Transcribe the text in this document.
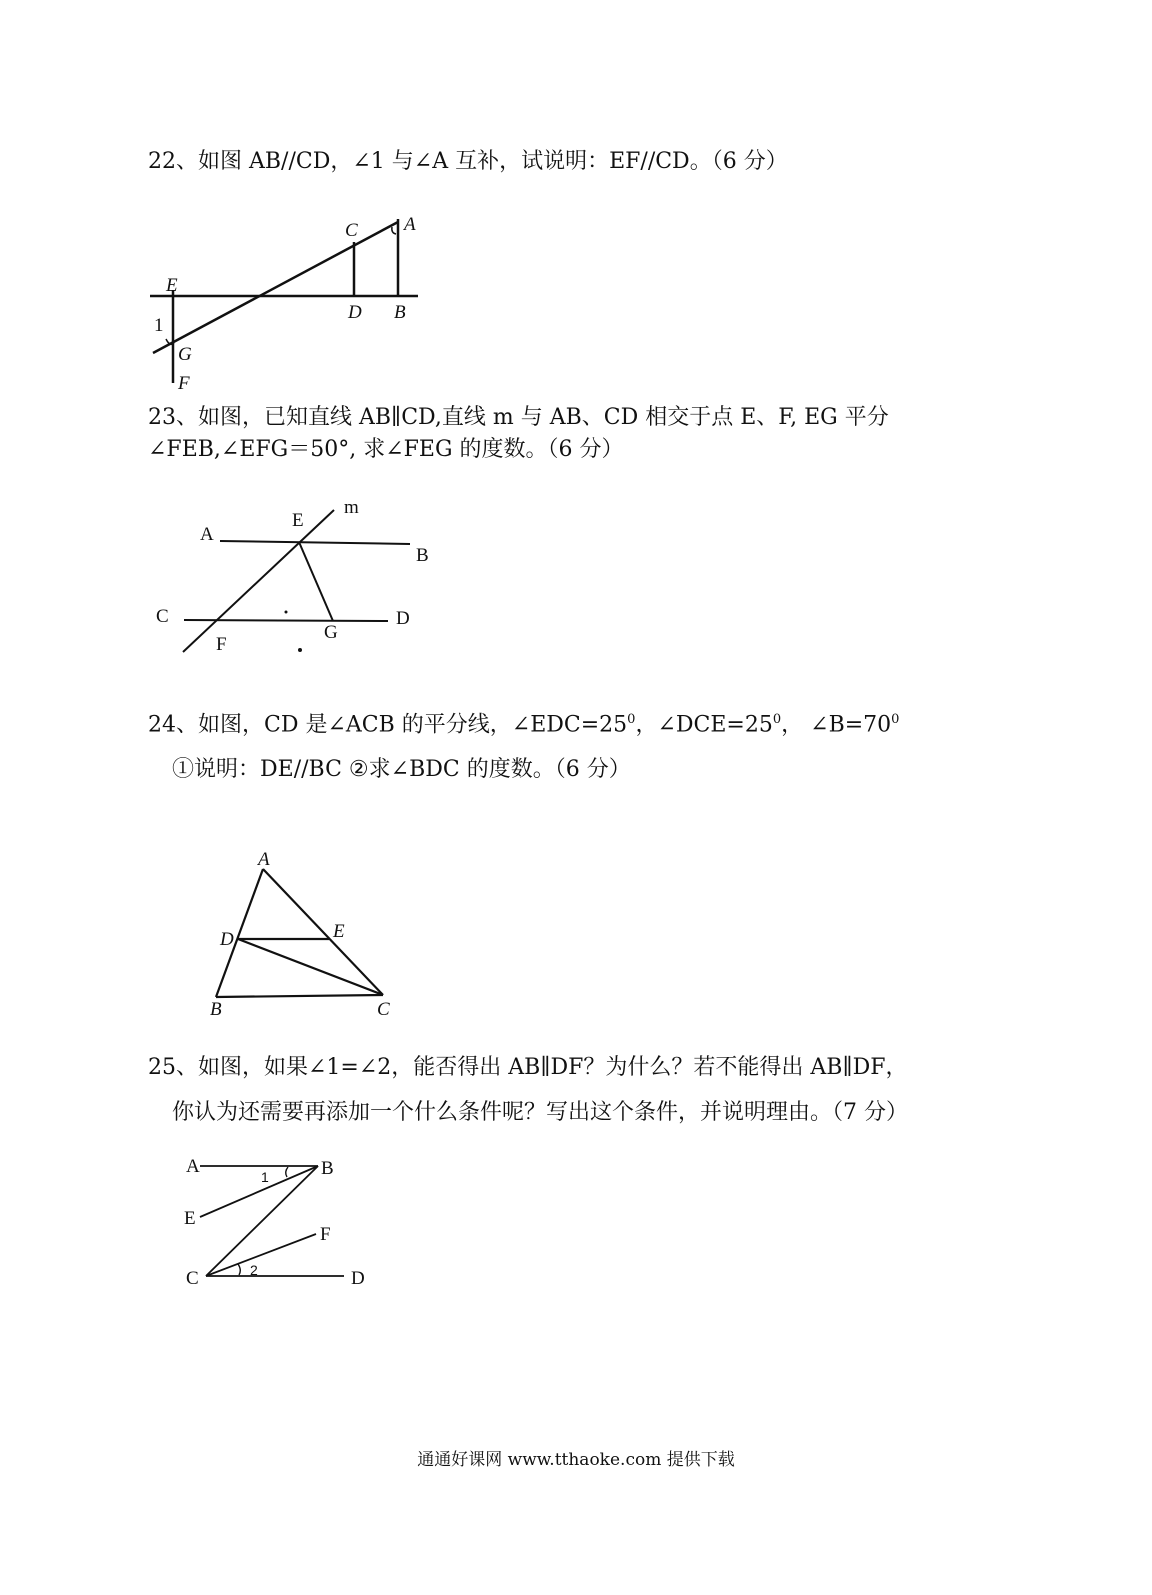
22、如图 AB//CD，∠1 与∠A 互补，试说明：EF//CD。（6 分）
C A
E
D B
1
G
F
23、如图，已知直线 AB∥CD,直线 m 与 AB、CD 相交于点 E、F, EG 平分
∠FEB,∠EFG＝50°, 求∠FEG 的度数。（6 分）
A
E
m
B
C	D
G
F
24、如图，CD 是∠ACB 的平分线，$\angle EDC=25^0$，$\angle DCE=25^0$， $\angle B=70^0$
①说明：DE//BC ②求∠BDC 的度数。（6 分）
A
D	E
B	C
25、如图，如果∠1=∠2，能否得出 AB∥DF？为什么？若不能得出 AB∥DF，
你认为还需要再添加一个什么条件呢？写出这个条件，并说明理由。（7 分）
A	B
1
E
F
C	2	D
通通好课网 www.tthaoke.com 提供下载
